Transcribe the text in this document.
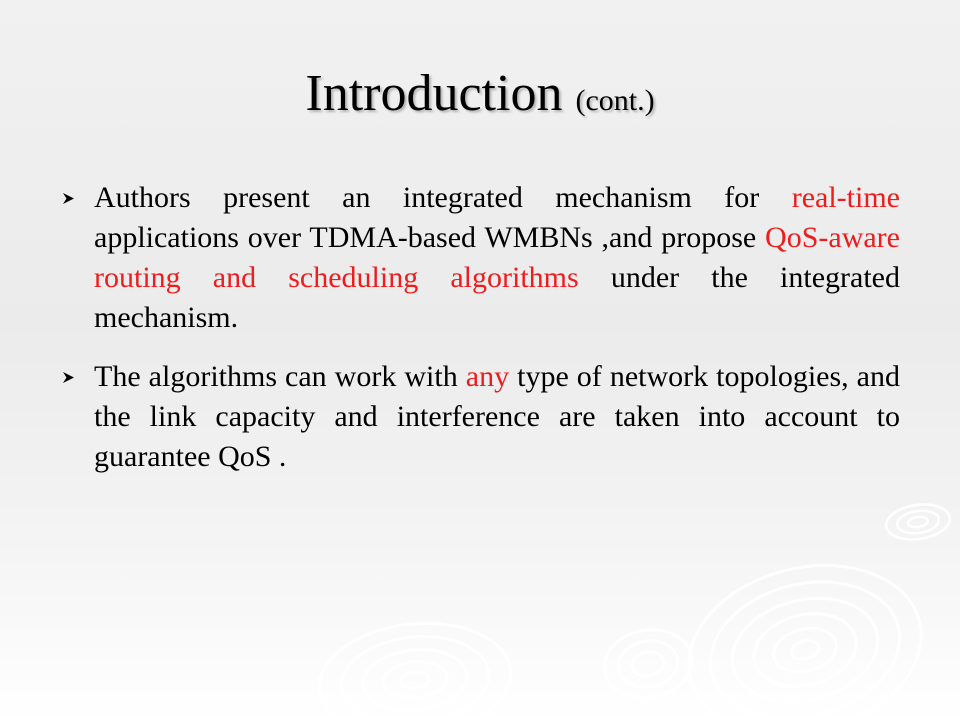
Introduction (cont.)
Authors present an integrated mechanism for real-time applications over TDMA-based WMBNs ,and propose QoS-aware routing and scheduling algorithms under the integrated mechanism.
The algorithms can work with any type of network topologies, and the link capacity and interference are taken into account to guarantee QoS .
